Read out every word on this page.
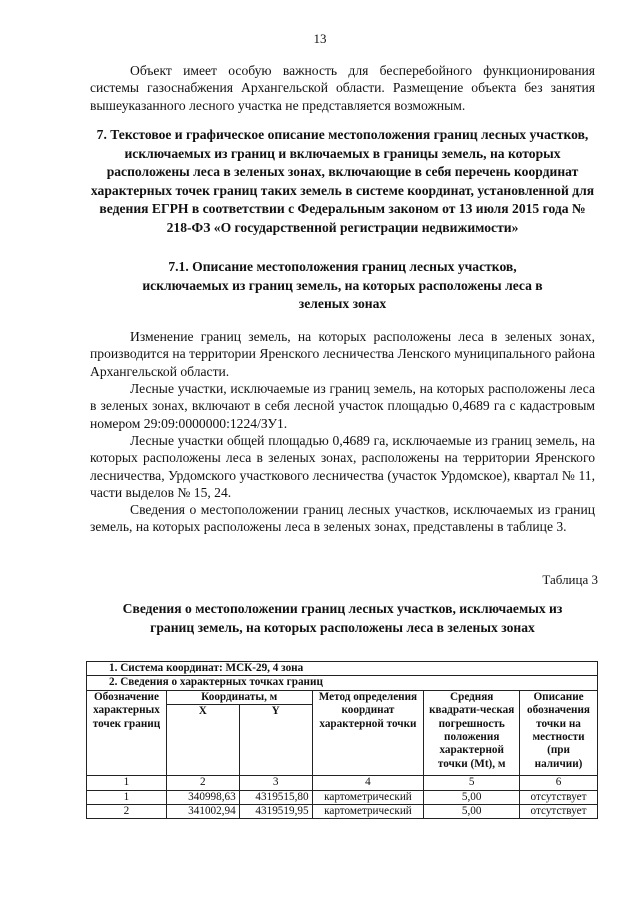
13

Объект имеет особую важность для бесперебойного функционирования системы газоснабжения Архангельской области. Размещение объекта без занятия вышеуказанного лесного участка не представляется возможным.

7. Текстовое и графическое описание местоположения границ лесных участков, исключаемых из границ и включаемых в границы земель, на которых расположены леса в зеленых зонах, включающие в себя перечень координат характерных точек границ таких земель в системе координат, установленной для ведения ЕГРН в соответствии с Федеральным законом от 13 июля 2015 года № 218-ФЗ «О государственной регистрации недвижимости»

7.1. Описание местоположения границ лесных участков, исключаемых из границ земель, на которых расположены леса в зеленых зонах

Изменение границ земель, на которых расположены леса в зеленых зонах, производится на территории Яренского лесничества Ленского муниципального района Архангельской области.

Лесные участки, исключаемые из границ земель, на которых расположены леса в зеленых зонах, включают в себя лесной участок площадью 0,4689 га с кадастровым номером 29:09:0000000:1224/ЗУ1.

Лесные участки общей площадью 0,4689 га, исключаемые из границ земель, на которых расположены леса в зеленых зонах, расположены на территории Яренского лесничества, Урдомского участкового лесничества (участок Урдомское), квартал № 11, части выделов № 15, 24.

Сведения о местоположении границ лесных участков, исключаемых из границ земель, на которых расположены леса в зеленых зонах, представлены в таблице 3.

Таблица 3

Сведения о местоположении границ лесных участков, исключаемых из границ земель, на которых расположены леса в зеленых зонах

1. Система координат: МСК-29, 4 зона					
2. Сведения о характерных точках границ					
Обозначение характерных точек границ	Координаты, м		Метод определения координат характерной точки	Средняя квадрати-ческая погрешность положения характерной точки (Mt), м	Описание обозначения точки на местности (при наличии)
	X	Y			
1	2	3	4	5	6
1	340998,63	4319515,80	картометрический	5,00	отсутствует
2	341002,94	4319519,95	картометрический	5,00	отсутствует
